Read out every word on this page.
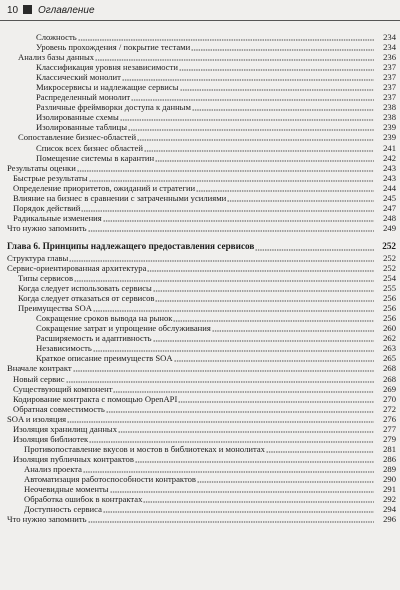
10 Оглавление
Сложность	234
Уровень прохождения / покрытие тестами	234
Анализ базы данных	236
Классификация уровня независимости	237
Классический монолит	237
Микросервисы и надлежащие сервисы	237
Распределенный монолит	237
Различные фреймворки доступа к данным	238
Изолированные схемы	238
Изолированные таблицы	239
Сопоставление бизнес-областей	239
Список всех бизнес областей	241
Помещение системы в карантин	242
Результаты оценки	243
Быстрые результаты	243
Определение приоритетов, ожиданий и стратегии	244
Влияние на бизнес в сравнении с затраченными усилиями	245
Порядок действий	247
Радикальные изменения	248
Что нужно запомнить	249
Глава 6. Принципы надлежащего предоставления сервисов	252
Структура главы	252
Сервис-ориентированная архитектура	252
Типы сервисов	254
Когда следует использовать сервисы	255
Когда следует отказаться от сервисов	256
Преимущества SOA	256
Сокращение сроков вывода на рынок	256
Сокращение затрат и упрощение обслуживания	260
Расширяемость и адаптивность	262
Независимость	263
Краткое описание преимуществ SOA	265
Вначале контракт	268
Новый сервис	268
Существующий компонент	269
Кодирование контракта с помощью OpenAPI	270
Обратная совместимость	272
SOA и изоляция	276
Изоляция хранилищ данных	277
Изоляция библиотек	279
Противопоставление вкусов и мостов в библиотеках и монолитах	281
Изоляция публичных контрактов	286
Анализ проекта	289
Автоматизация работоспособности контрактов	290
Неочевидные моменты	291
Обработка ошибок в контрактах	292
Доступность сервиса	294
Что нужно запомнить	296
